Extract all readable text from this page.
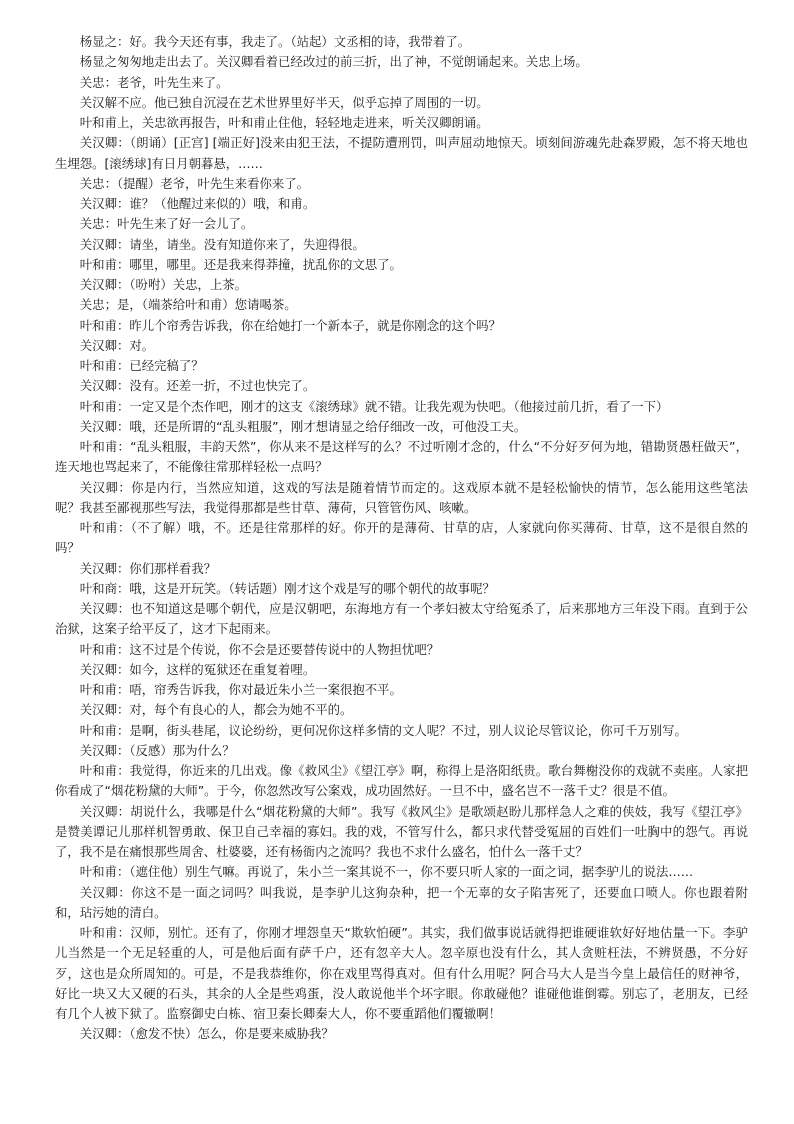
杨显之：好。我今天还有事，我走了。（站起）文丞相的诗，我带着了。

杨显之匆匆地走出去了。关汉卿看着已经改过的前三折，出了神，不觉朗诵起来。关忠上场。

关忠：老爷，叶先生来了。

关汉解不应。他已独自沉浸在艺术世界里好半天，似乎忘掉了周围的一切。

叶和甫上，关忠欲再报告，叶和甫止住他，轻轻地走进来，听关汉卿朗诵。

关汉卿：（朗诵）[正宫] [端正好]没来由犯王法，不提防遭刑罚，叫声屈动地惊天。顷刻间游魂先赴森罗殿，怎不将天地也生埋怨。[滚绣球]有日月朝暮悬，……

关忠：（提醒）老爷，叶先生来看你来了。

关汉卿：谁？（他醒过来似的）哦，和甫。

关忠：叶先生来了好一会儿了。

关汉卿：请坐，请坐。没有知道你来了，失迎得很。

叶和甫：哪里，哪里。还是我来得莽撞，扰乱你的文思了。

关汉卿：（吩咐）关忠，上茶。

关忠；是，（端茶给叶和甫）您请喝茶。

叶和甫：昨儿个帘秀告诉我，你在给她打一个新本子，就是你刚念的这个吗？

关汉卿：对。

叶和甫：已经完稿了？

关汉卿：没有。还差一折，不过也快完了。

叶和甫：一定又是个杰作吧，刚才的这支《滚绣球》就不错。让我先观为快吧。（他接过前几折，看了一下）

关汉卿：哦，还是所谓的“乱头粗服”，刚才想请显之给仔细改一改，可他没工夫。

叶和甫：“乱头粗服，丰韵天然”，你从来不是这样写的么？不过听刚才念的，什么“不分好歹何为地，错勘贤愚枉做天”，连天地也骂起来了，不能像往常那样轻松一点吗？

关汉卿：你是内行，当然应知道，这戏的写法是随着情节而定的。这戏原本就不是轻松愉快的情节，怎么能用这些笔法呢？我甚至鄙视那些写法，我觉得那都是些甘草、薄荷，只管管伤风、咳嗽。

叶和甫：（不了解）哦，不。还是往常那样的好。你开的是薄荷、甘草的店，人家就向你买薄荷、甘草，这不是很自然的吗？

关汉卿：你们那样看我？

叶和商：哦，这是开玩笑。（转话题）刚才这个戏是写的哪个朝代的故事呢？

关汉卿：也不知道这是哪个朝代，应是汉朝吧，东海地方有一个孝妇被太守给冤杀了，后来那地方三年没下雨。直到于公治狱，这案子给平反了，这才下起雨来。

叶和甫：这不过是个传说，你不会是还要替传说中的人物担忧吧？

关汉卿：如今，这样的冤狱还在重复着哩。

叶和甫：唔，帘秀告诉我，你对最近朱小兰一案很抱不平。

关汉卿：对，每个有良心的人，都会为她不平的。

叶和甫：是啊，街头巷尾，议论纷纷，更何况你这样多情的文人呢？不过，别人议论尽管议论，你可千万别写。

关汉卿：（反感）那为什么？

叶和甫：我觉得，你近来的几出戏。像《救风尘》《望江亭》啊，称得上是洛阳纸贵。歌台舞榭没你的戏就不卖座。人家把你看成了“烟花粉黛的大师”。于今，你忽然改写公案戏，成功固然好。一旦不中，盛名岂不一落千丈？很是不值。

关汉卿：胡说什么，我哪是什么“烟花粉黛的大师”。我写《救风尘》是歌颂赵盼儿那样急人之难的侠妓，我写《望江亭》是赞美谭记儿那样机智勇敢、保卫自己幸福的寡妇。我的戏，不管写什么，都只求代替受冤屈的百姓们一吐胸中的怨气。再说了，我不是在痛恨那些周舍、杜婆婆，还有杨衙内之流吗？我也不求什么盛名，怕什么一落千丈？

叶和甫：（遮住他）别生气嘛。再说了，朱小兰一案其说不一，你不要只听人家的一面之词，据李驴儿的说法……

关汉卿：你这不是一面之词吗？叫我说，是李驴儿这狗杂种，把一个无辜的女子陷害死了，还要血口喷人。你也跟着附和，玷污她的清白。

叶和甫：汉师，别忙。还有了，你刚才埋怨皇天“欺软怕硬”。其实，我们做事说话就得把谁硬谁软好好地估量一下。李驴儿当然是一个无足轻重的人，可是他后面有萨千户，还有忽辛大人。忽辛原也没有什么，其人贪赃枉法，不辨贤愚，不分好歹，这也是众所周知的。可是，不是我恭维你，你在戏里骂得真对。但有什么用呢？阿合马大人是当今皇上最信任的财神爷，好比一块又大又硬的石头，其余的人全是些鸡蛋，没人敢说他半个坏字眼。你敢碰他？谁碰他谁倒霉。别忘了，老朋友，已经有几个人被下狱了。监察御史白栋、宿卫秦长卿秦大人，你不要重蹈他们覆辙啊！

关汉卿：（愈发不快）怎么，你是要来威胁我？
